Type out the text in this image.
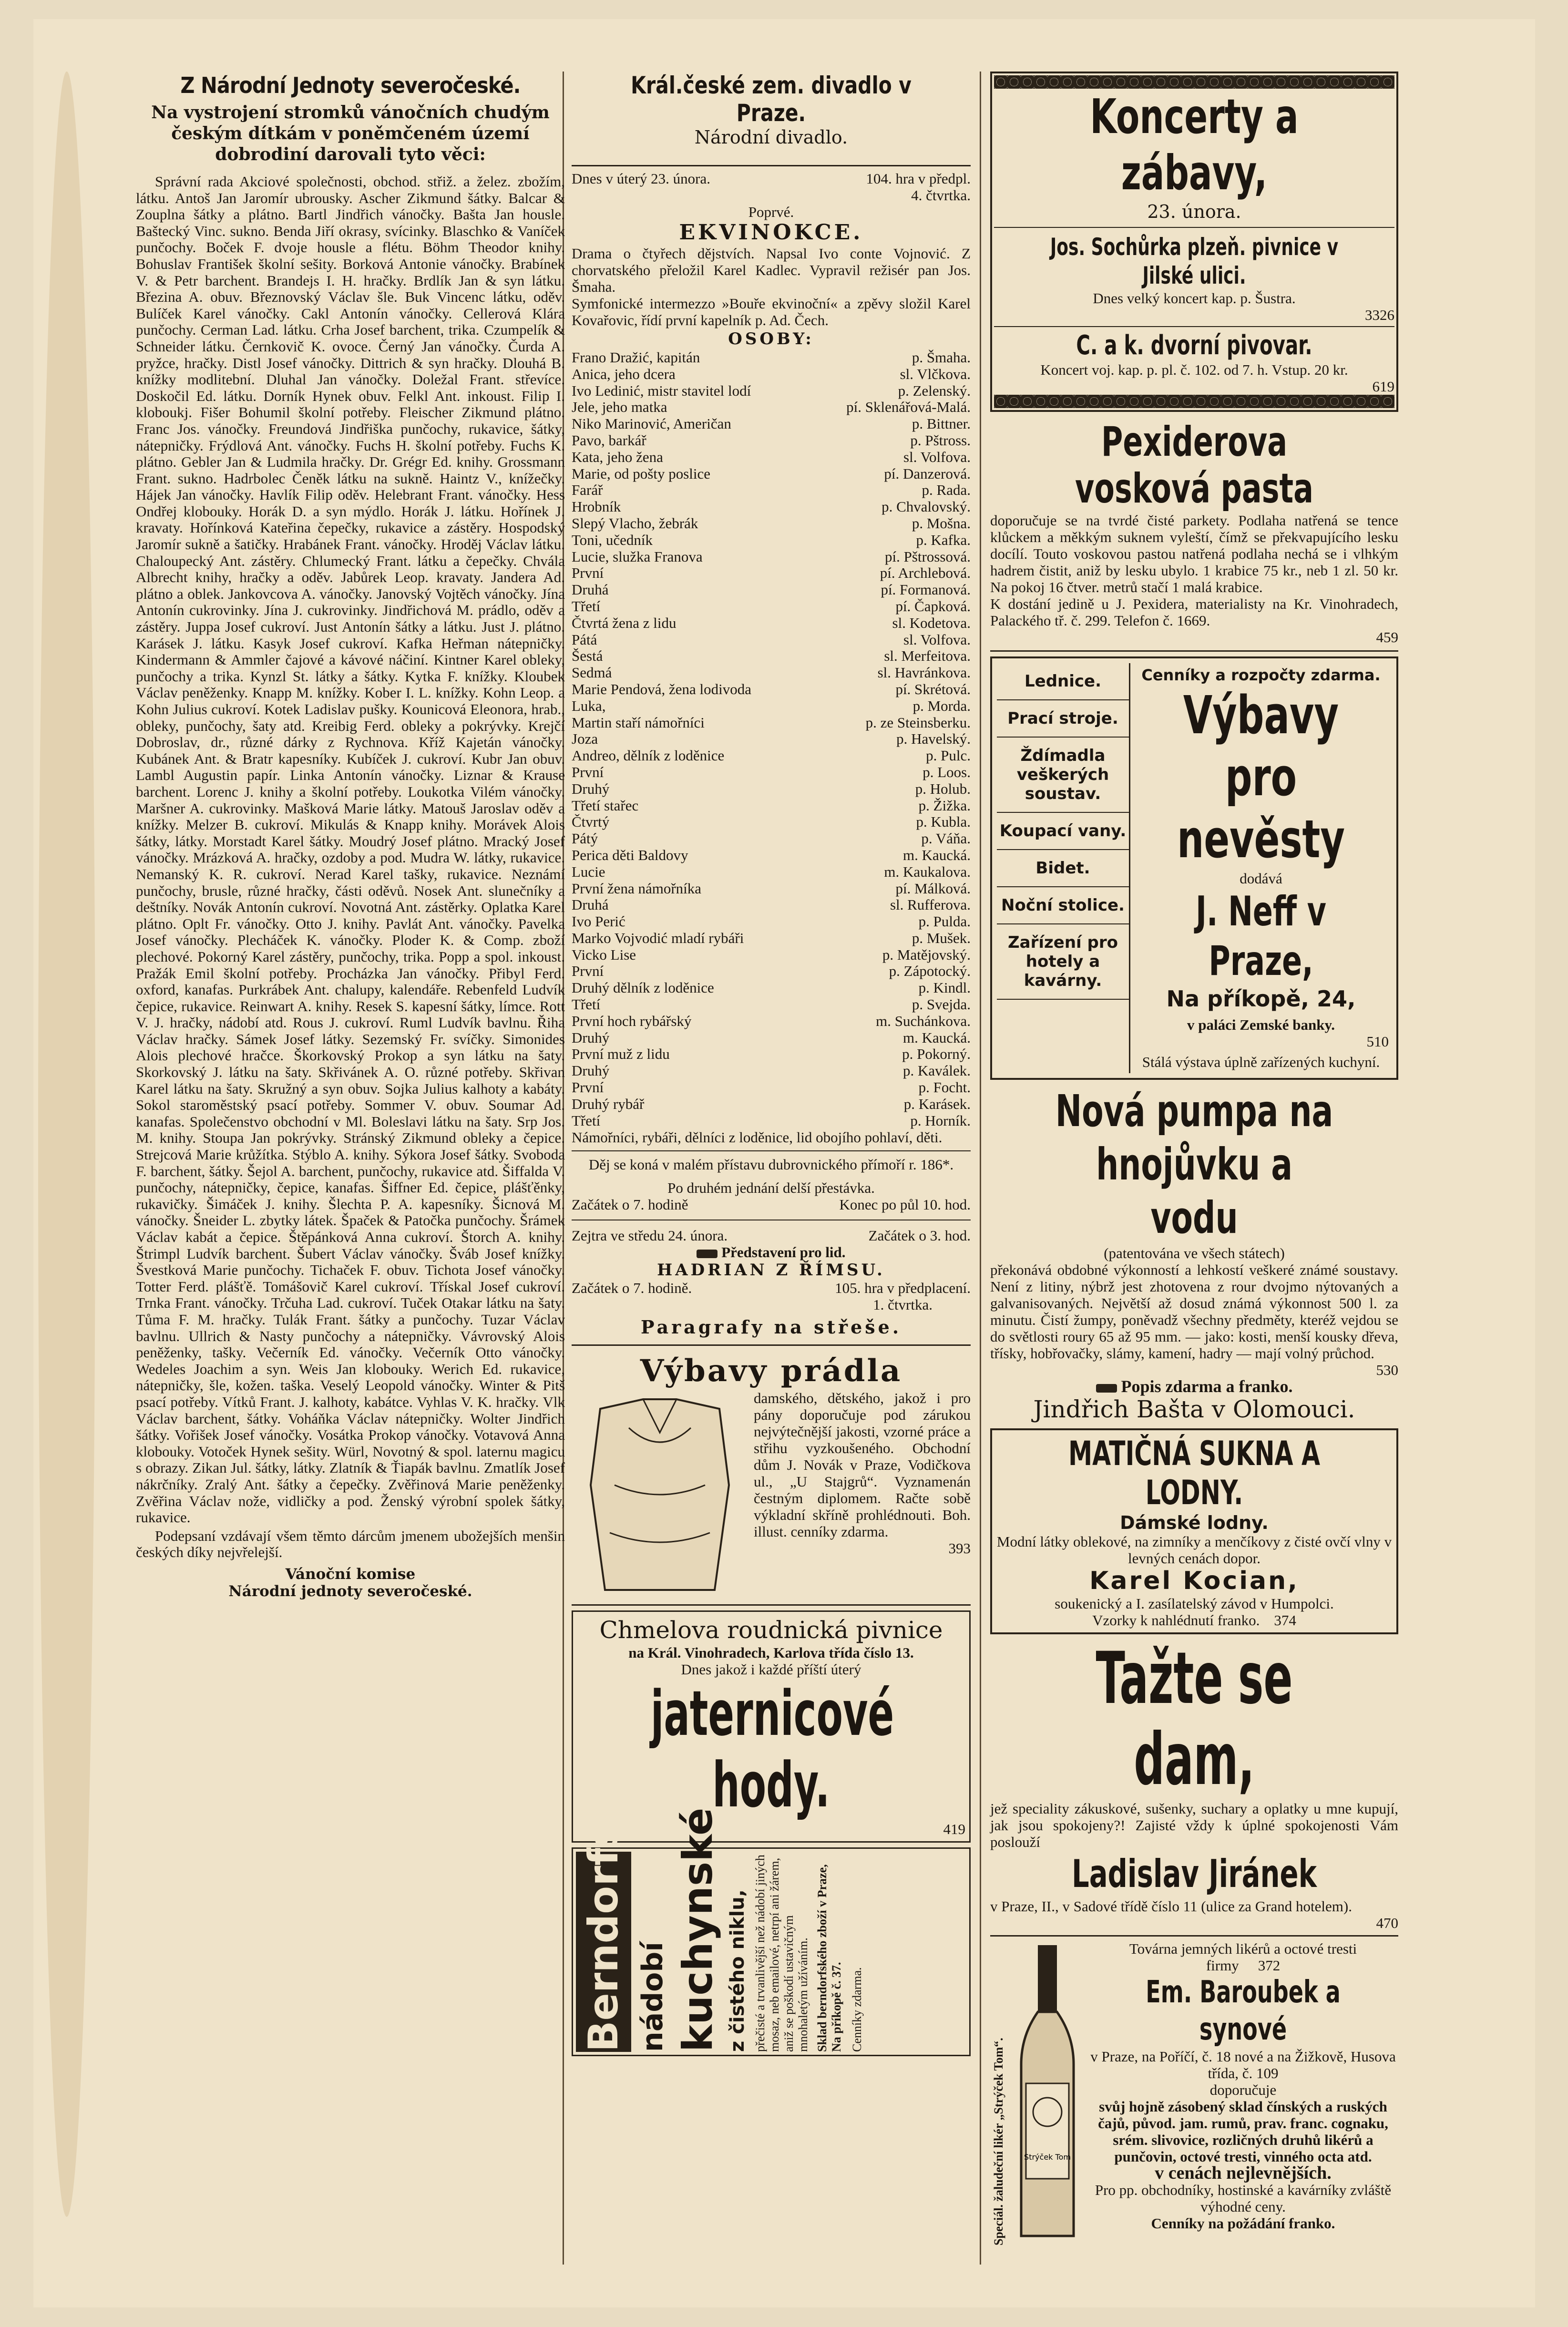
Z Národní Jednoty severočeské.
Na vystrojení stromků vánočních chudým českým dítkám v poněmčeném území dobrodiní darovali tyto věci:
Správní rada Akciové společnosti, obchod. střiž. a želez. zbožím, látku. Antoš Jan Jaromír ubrousky. Ascher Zikmund šátky. Balcar & Zouplna šátky a plátno. Bartl Jindřich vánočky. Bašta Jan housle. Baštecký Vinc. sukno. Benda Jiří okrasy, svícinky. Blaschko & Vaníček punčochy. Boček F. dvoje housle a flétu. Böhm Theodor knihy. Bohuslav František školní sešity. Borková Antonie vánočky. Brabínek V. & Petr barchent. Brandejs I. H. hračky. Brdlík Jan & syn látku. Březina A. obuv. Březnovský Václav šle. Buk Vincenc látku, oděv. Bulíček Karel vánočky. Cakl Antonín vánočky. Cellerová Klára punčochy. Cerman Lad. látku. Crha Josef barchent, trika. Czumpelík & Schneider látku. Černkovič K. ovoce. Černý Jan vánočky. Čurda A. pryžce, hračky. Distl Josef vánočky. Dittrich & syn hračky. Dlouhá B. knížky modlitební. Dluhal Jan vánočky. Doležal Frant. střevíce. Doskočil Ed. látku. Dorník Hynek obuv. Felkl Ant. inkoust. Filip I. kloboukj. Fišer Bohumil školní potřeby. Fleischer Zikmund plátno. Franc Jos. vánočky. Freundová Jindřiška punčochy, rukavice, šátky, nátepničky. Frýdlová Ant. vánočky. Fuchs H. školní potřeby. Fuchs K. plátno. Gebler Jan & Ludmila hračky. Dr. Grégr Ed. knihy. Grossmann Frant. sukno. Hadrbolec Čeněk látku na sukně. Haintz V., knížečky. Hájek Jan vánočky. Havlík Filip oděv. Helebrant Frant. vánočky. Hess Ondřej klobouky. Horák D. a syn mýdlo. Horák J. látku. Hořínek J. kravaty. Hořínková Kateřina čepečky, rukavice a zástěry. Hospodský Jaromír sukně a šatičky. Hrabánek Frant. vánočky. Hroděj Václav látku. Chaloupecký Ant. zástěry. Chlumecký Frant. látku a čepečky. Chvála Albrecht knihy, hračky a oděv. Jabůrek Leop. kravaty. Jandera Ad. plátno a oblek. Jankovcova A. vánočky. Janovský Vojtěch vánočky. Jína Antonín cukrovinky. Jína J. cukrovinky. Jindřichová M. prádlo, oděv a zástěry. Juppa Josef cukroví. Just Antonín šátky a látku. Just J. plátno. Karásek J. látku. Kasyk Josef cukroví. Kafka Heřman nátepničky. Kindermann & Ammler čajové a kávové náčiní. Kintner Karel obleky, punčochy a trika. Kynzl St. látky a šátky. Kytka F. knížky. Kloubek Václav peněženky. Knapp M. knížky. Kober I. L. knížky. Kohn Leop. a Kohn Julius cukroví. Kotek Ladislav pušky. Kounicová Eleonora, hrab., obleky, punčochy, šaty atd. Kreibig Ferd. obleky a pokrývky. Krejčí Dobroslav, dr., různé dárky z Rychnova. Kříž Kajetán vánočky. Kubánek Ant. & Bratr kapesníky. Kubíček J. cukroví. Kubr Jan obuv. Lambl Augustin papír. Linka Antonín vánočky. Liznar & Krause barchent. Lorenc J. knihy a školní potřeby. Loukotka Vilém vánočky. Maršner A. cukrovinky. Mašková Marie látky. Matouš Jaroslav oděv a knížky. Melzer B. cukroví. Mikulás & Knapp knihy. Morávek Alois šátky, látky. Morstadt Karel šátky. Moudrý Josef plátno. Mracký Josef vánočky. Mrázková A. hračky, ozdoby a pod. Mudra W. látky, rukavice. Nemanský K. R. cukroví. Nerad Karel tašky, rukavice. Neznámí punčochy, brusle, různé hračky, části oděvů. Nosek Ant. slunečníky a deštníky. Novák Antonín cukroví. Novotná Ant. zástěrky. Oplatka Karel plátno. Oplt Fr. vánočky. Otto J. knihy. Pavlát Ant. vánočky. Pavelka Josef vánočky. Plecháček K. vánočky. Ploder K. & Comp. zboží plechové. Pokorný Karel zástěry, punčochy, trika. Popp a spol. inkoust. Pražák Emil školní potřeby. Procházka Jan vánočky. Přibyl Ferd. oxford, kanafas. Purkrábek Ant. chalupy, kalendáře. Rebenfeld Ludvík čepice, rukavice. Reinwart A. knihy. Resek S. kapesní šátky, límce. Rott V. J. hračky, nádobí atd. Rous J. cukroví. Ruml Ludvík bavlnu. Řiha Václav hračky. Sámek Josef látky. Sezemský Fr. svíčky. Simonides Alois plechové hračce. Škorkovský Prokop a syn látku na šaty. Skorkovský J. látku na šaty. Skřivánek A. O. různé potřeby. Skřivan Karel látku na šaty. Skružný a syn obuv. Sojka Julius kalhoty a kabáty. Sokol staroměstský psací potřeby. Sommer V. obuv. Soumar Ad. kanafas. Společenstvo obchodní v Ml. Boleslavi látku na šaty. Srp Jos. M. knihy. Stoupa Jan pokrývky. Stránský Zikmund obleky a čepice. Strejcová Marie krůžítka. Stýblo A. knihy. Sýkora Josef šátky. Svoboda F. barchent, šátky. Šejol A. barchent, punčochy, rukavice atd. Šiffalda V. punčochy, nátepničky, čepice, kanafas. Šiffner Ed. čepice, plášťěnky, rukavičky. Šimáček J. knihy. Šlechta P. A. kapesníky. Šicnová M. vánočky. Šneider L. zbytky látek. Špaček & Patočka punčochy. Šrámek Václav kabát a čepice. Štěpánková Anna cukroví. Štorch A. knihy. Štrimpl Ludvík barchent. Šubert Václav vánočky. Šváb Josef knížky. Švestková Marie punčochy. Tichaček F. obuv. Tichota Josef vánočky. Totter Ferd. plášťě. Tomášovič Karel cukroví. Třískal Josef cukroví. Trnka Frant. vánočky. Trčuha Lad. cukroví. Tuček Otakar látku na šaty. Tůma F. M. hračky. Tulák Frant. šátky a punčochy. Tuzar Václav bavlnu. Ullrich & Nasty punčochy a nátepničky. Vávrovský Alois peněženky, tašky. Večerník Ed. vánočky. Večerník Otto vánočky. Wedeles Joachim a syn. Weis Jan klobouky. Werich Ed. rukavice, nátepničky, šle, kožen. taška. Veselý Leopold vánočky. Winter & Pitš psací potřeby. Vítků Frant. J. kalhoty, kabátce. Vyhlas V. K. hračky. Vlk Václav barchent, šátky. Voháňka Václav nátepničky. Wolter Jindřich šátky. Vořišek Josef vánočky. Vosátka Prokop vánočky. Votavová Anna klobouky. Votoček Hynek sešity. Würl, Novotný & spol. laternu magicu s obrazy. Zikan Jul. šátky, látky. Zlatník & Ťiapák bavlnu. Zmatlík Josef nákrčníky. Zralý Ant. šátky a čepečky. Zvěřinová Marie peněženky. Zvěřina Václav nože, vidličky a pod. Ženský výrobní spolek šátky, rukavice.
Podepsaní vzdávají všem těmto dárcům jmenem ubožejších menšin českých díky nejvřelejší.
Vánoční komise
Národní jednoty severočeské.
Král.české zem. divadlo v Praze.
Národní divadlo.
Dnes v úterý 23. února.	104. hra v předpl.
4. čtvrtka.
Poprvé.
EKVINOKCE.
Drama o čtyřech dějstvích. Napsal Ivo conte Vojnović. Z chorvatského přeložil Karel Kadlec. Vypravil režisér pan Jos. Šmaha.
Symfonické intermezzo »Bouře ekvinoční« a zpěvy složil Karel Kovařovic, řídí první kapelník p. Ad. Čech.
OSOBY:
Frano Dražić, kapitán	p. Šmaha.
Anica, jeho dcera	sl. Vlčkova.
Ivo Ledinić, mistr stavitel lodí	p. Zelenský.
Jele, jeho matka	pí. Sklenářová-Malá.
Niko Marinović, Američan	p. Bittner.
Pavo, barkář	p. Pštross.
Kata, jeho žena	sl. Volfova.
Marie, od pošty poslice	pí. Danzerová.
Farář	p. Rada.
Hrobník	p. Chvalovský.
Slepý Vlacho, žebrák	p. Mošna.
Toni, učedník	p. Kafka.
Lucie, služka Franova	pí. Pštrossová.
První	pí. Archlebová.
Druhá	pí. Formanová.
Třetí	pí. Čapková.
Čtvrtá žena z lidu	sl. Kodetova.
Pátá	sl. Volfova.
Šestá	sl. Merfeitova.
Sedmá	sl. Havránkova.
Marie Pendová, žena lodivoda	pí. Skrétová.
Luka,	p. Morda.
Martin staří námořníci	p. ze Steinsberku.
Joza	p. Havelský.
Andreo, dělník z loděnice	p. Pulc.
První	p. Loos.
Druhý	p. Holub.
Třetí stařec	p. Žižka.
Čtvrtý	p. Kubla.
Pátý	p. Váňa.
Perica děti Baldovy	m. Kaucká.
Lucie	m. Kaukalova.
První žena námořníka	pí. Málková.
Druhá	sl. Rufferova.
Ivo Perić	p. Pulda.
Marko Vojvodić mladí rybáři	p. Mušek.
Vicko Lise	p. Matějovský.
První	p. Zápotocký.
Druhý dělník z loděnice	p. Kindl.
Třetí	p. Svejda.
První hoch rybářský	m. Suchánkova.
Druhý	m. Kaucká.
První muž z lidu	p. Pokorný.
Druhý	p. Kaválek.
První	p. Focht.
Druhý rybář	p. Karásek.
Třetí	p. Horník.
Námořníci, rybáři, dělníci z loděnice, lid obojího pohlaví, děti.
Děj se koná v malém přístavu dubrovnického přímoří r. 186*.
Po druhém jednání delší přestávka.
Začátek o 7. hodině	Konec po půl 10. hod.
Zejtra ve středu 24. února.	Začátek o 3. hod.
Představení pro lid.
HADRIAN Z ŘÍMSU.
Začátek o 7. hodině.	105. hra v předplacení.
1. čtvrtka.
Paragrafy na střeše.
Výbavy prádla
damského, dětského, jakož i pro pány doporučuje pod zárukou nejvýtečnější jakosti, vzorné práce a střihu vyzkoušeného. Obchodní dům J. Novák v Praze, Vodičkova ul., „U Stajgrů“. Vyznamenán čestným diplomem. Račte sobě výkladní skříně prohlédnouti. Boh. illust. cenníky zdarma.
393
Chmelova roudnická pivnice
na Král. Vinohradech, Karlova třída číslo 13.
Dnes jakož i každé příští úterý
jaternicové hody.
419
Berndorfské nádobí kuchynské z čistého niklu, přečisté a trvanlivější než nádobí jiných mosaz, neb emailové, netrpí ani žárem, aniž se poškodí ustavičným mnohaletým užíváním. Sklad berndorfského zboží v Praze, Na příkopě č. 37. Cenníky zdarma.
Koncerty a zábavy,
23. února.
Jos. Sochůrka plzeň. pivnice v Jilské ulici.
Dnes velký koncert kap. p. Šustra.
3326
C. a k. dvorní pivovar.
Koncert voj. kap. p. pl. č. 102. od 7. h. Vstup. 20 kr.
619
Pexiderova vosková pasta
doporučuje se na tvrdé čisté parkety. Podlaha natřená se tence klůckem a měkkým suknem vyleští, čímž se překvapujícího lesku docílí. Touto voskovou pastou natřená podlaha nechá se i vlhkým hadrem čistit, aniž by lesku ubylo. 1 krabice 75 kr., neb 1 zl. 50 kr. Na pokoj 16 čtver. metrů stačí 1 malá krabice.
K dostání jedině u J. Pexidera, materialisty na Kr. Vinohradech, Palackého tř. č. 299. Telefon č. 1669.
459
Lednice.
Prací stroje.
Ždímadla veškerých soustav.
Koupací vany.
Bidet.
Noční stolice.
Zařízení pro hotely a kavárny.
Cenníky a rozpočty zdarma.
Výbavy pro nevěsty
dodává
J. Neff v Praze,
Na příkopě, 24,
v paláci Zemské banky.
510
Stálá výstava úplně zařízených kuchyní.
Nová pumpa na hnojůvku a vodu
(patentována ve všech státech)
překonává obdobné výkonností a lehkostí veškeré známé soustavy. Není z litiny, nýbrž jest zhotovena z rour dvojmo nýtovaných a galvanisovaných. Největší až dosud známá výkonnost 500 l. za minutu. Čistí žumpy, poněvadž všechny předměty, kteréž vejdou se do světlosti roury 65 až 95 mm. — jako: kosti, menší kousky dřeva, třísky, hobřovačky, slámy, kamení, hadry — mají volný průchod.
530
Popis zdarma a franko.
Jindřich Bašta v Olomouci.
MATIČNÁ SUKNA A LODNY.
Dámské lodny.
Modní látky oblekové, na zimníky a menčíkovy z čisté ovčí vlny v levných cenách dopor.
Karel Kocian,
soukenický a I. zasílatelský závod v Humpolci.
Vzorky k nahlédnutí franko. 374
Tažte se dam,
jež speciality zákuskové, sušenky, suchary a oplatky u mne kupují, jak jsou spokojeny?! Zajisté vždy k úplné spokojenosti Vám poslouží
Ladislav Jiránek
v Praze, II., v Sadové třídě číslo 11 (ulice za Grand hotelem).
470
Speciál. žaludeční likér „Strýček Tom“. Strýček Tom
Továrna jemných likérů a octové tresti
firmy 372
Em. Baroubek a synové
v Praze, na Poříčí, č. 18 nové a na Žižkově, Husova třída, č. 109
doporučuje
svůj hojně zásobený sklad čínských a ruských čajů, původ. jam. rumů, prav. franc. cognaku, srém. slivovice, rozličných druhů likérů a punčovin, octové tresti, vinného octa atd.
v cenách nejlevnějších.
Pro pp. obchodníky, hostinské a kavárníky zvláště výhodné ceny.
Cenníky na požádání franko.
